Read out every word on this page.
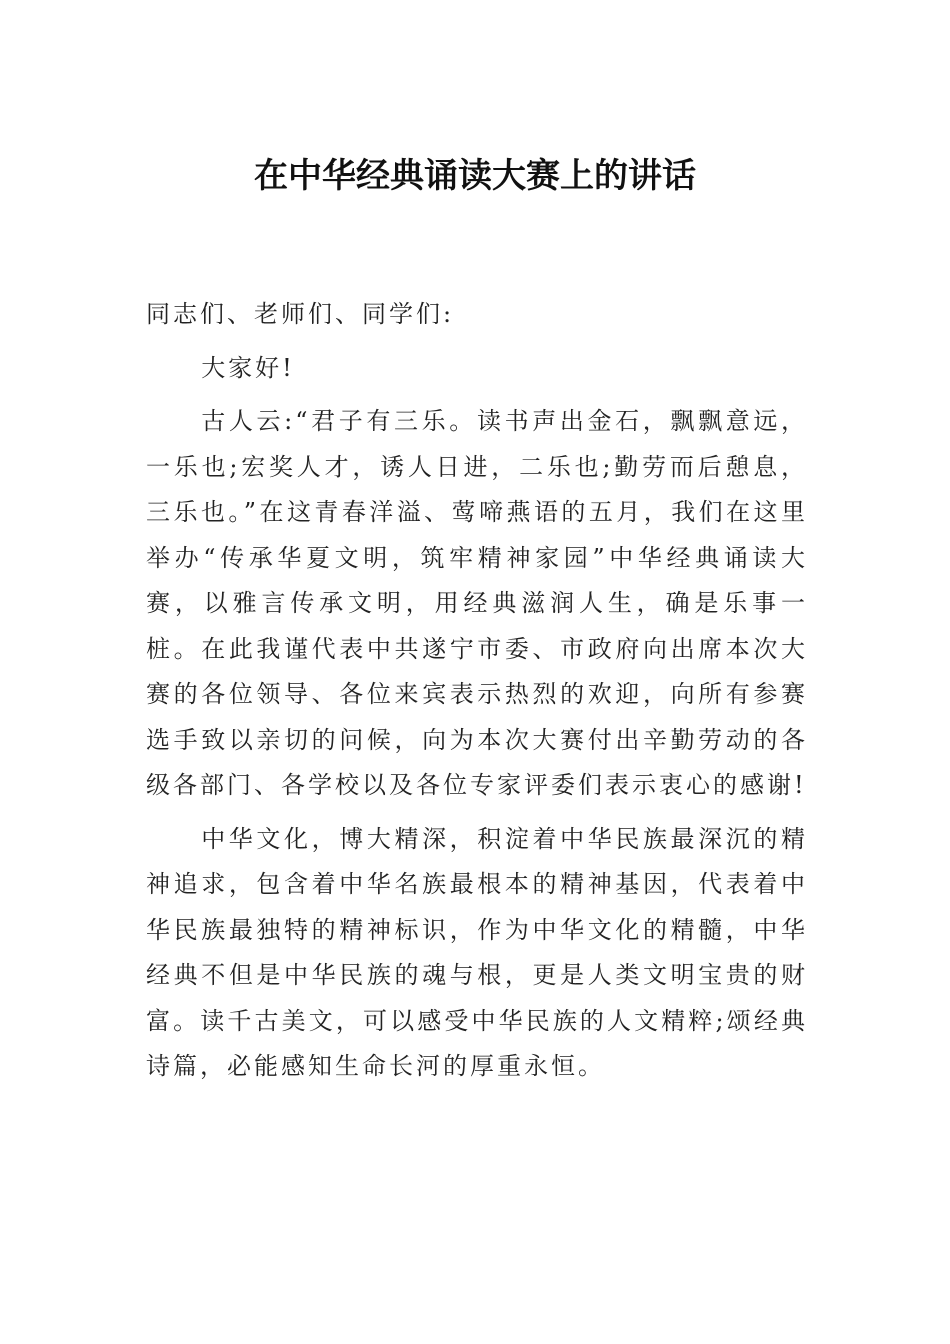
在中华经典诵读大赛上的讲话

同志们、老师们、同学们:

大家好!

古人云:“君子有三乐。读书声出金石，飘飘意远，一乐也;宏奖人才，诱人日进，二乐也;勤劳而后憩息，三乐也。”在这青春洋溢、莺啼燕语的五月，我们在这里举办“传承华夏文明，筑牢精神家园”中华经典诵读大赛，以雅言传承文明，用经典滋润人生，确是乐事一桩。在此我谨代表中共遂宁市委、市政府向出席本次大赛的各位领导、各位来宾表示热烈的欢迎，向所有参赛选手致以亲切的问候，向为本次大赛付出辛勤劳动的各级各部门、各学校以及各位专家评委们表示衷心的感谢!

中华文化，博大精深，积淀着中华民族最深沉的精神追求，包含着中华名族最根本的精神基因，代表着中华民族最独特的精神标识，作为中华文化的精髓，中华经典不但是中华民族的魂与根，更是人类文明宝贵的财富。读千古美文，可以感受中华民族的人文精粹;颂经典诗篇，必能感知生命长河的厚重永恒。
